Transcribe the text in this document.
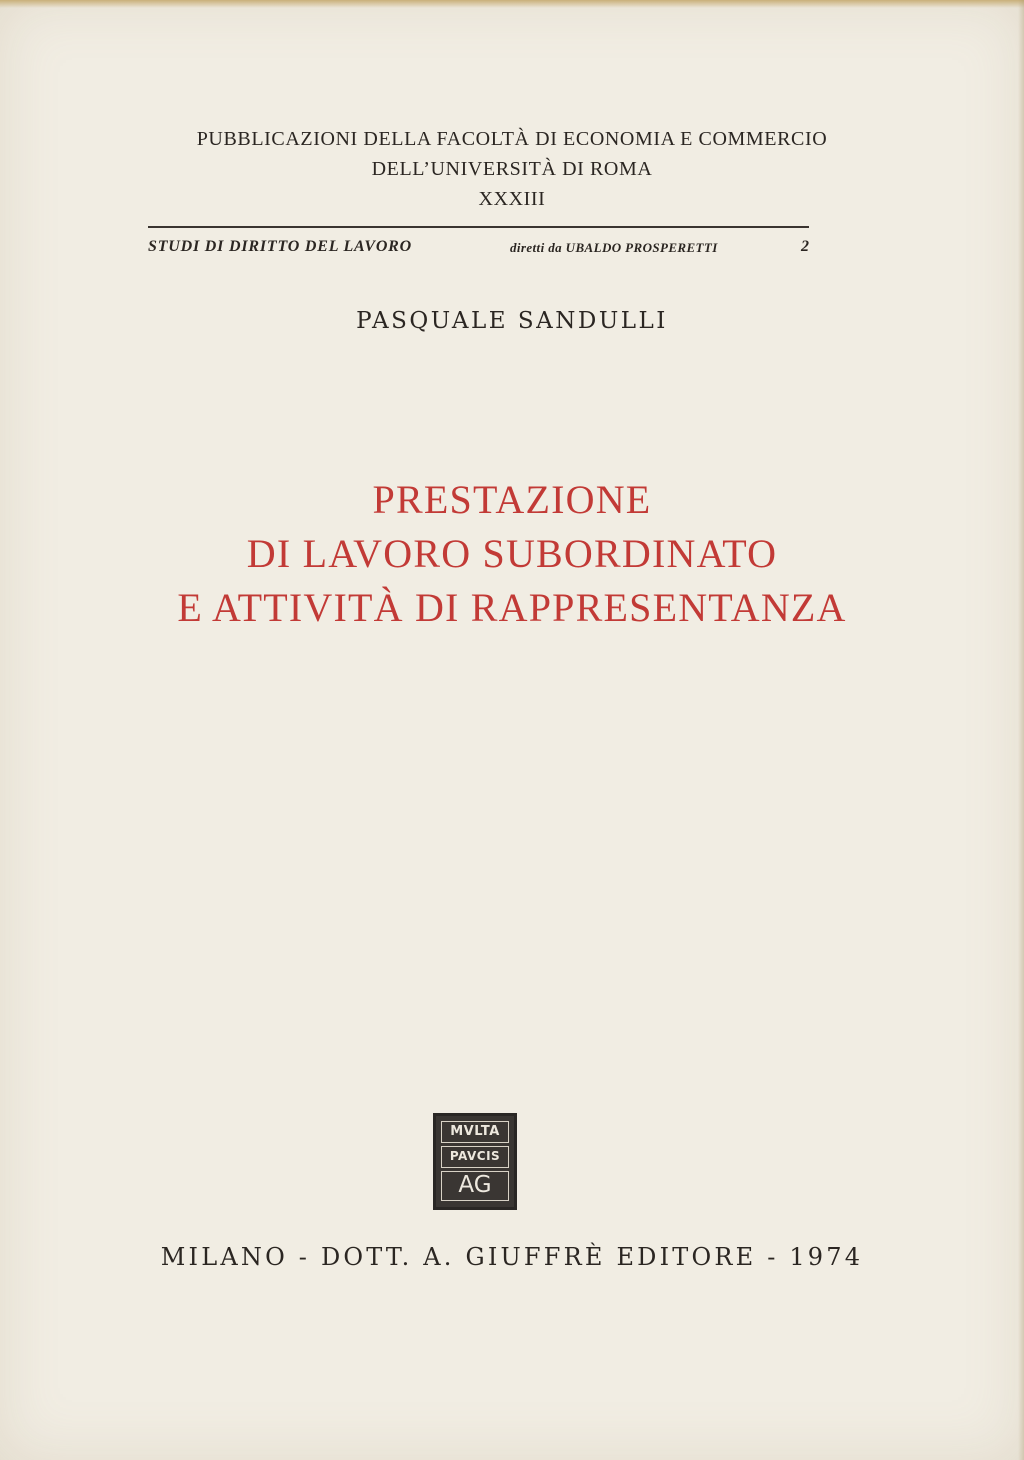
PUBBLICAZIONI DELLA FACOLTÀ DI ECONOMIA E COMMERCIO
DELL’UNIVERSITÀ DI ROMA
XXXIII
STUDI DI DIRITTO DEL LAVORO	diretti da UBALDO PROSPERETTI	2
PASQUALE SANDULLI
PRESTAZIONE
DI LAVORO SUBORDINATO
E ATTIVITÀ DI RAPPRESENTANZA
MVLTA
PAVCIS
AG
MILANO - DOTT. A. GIUFFRÈ EDITORE - 1974
